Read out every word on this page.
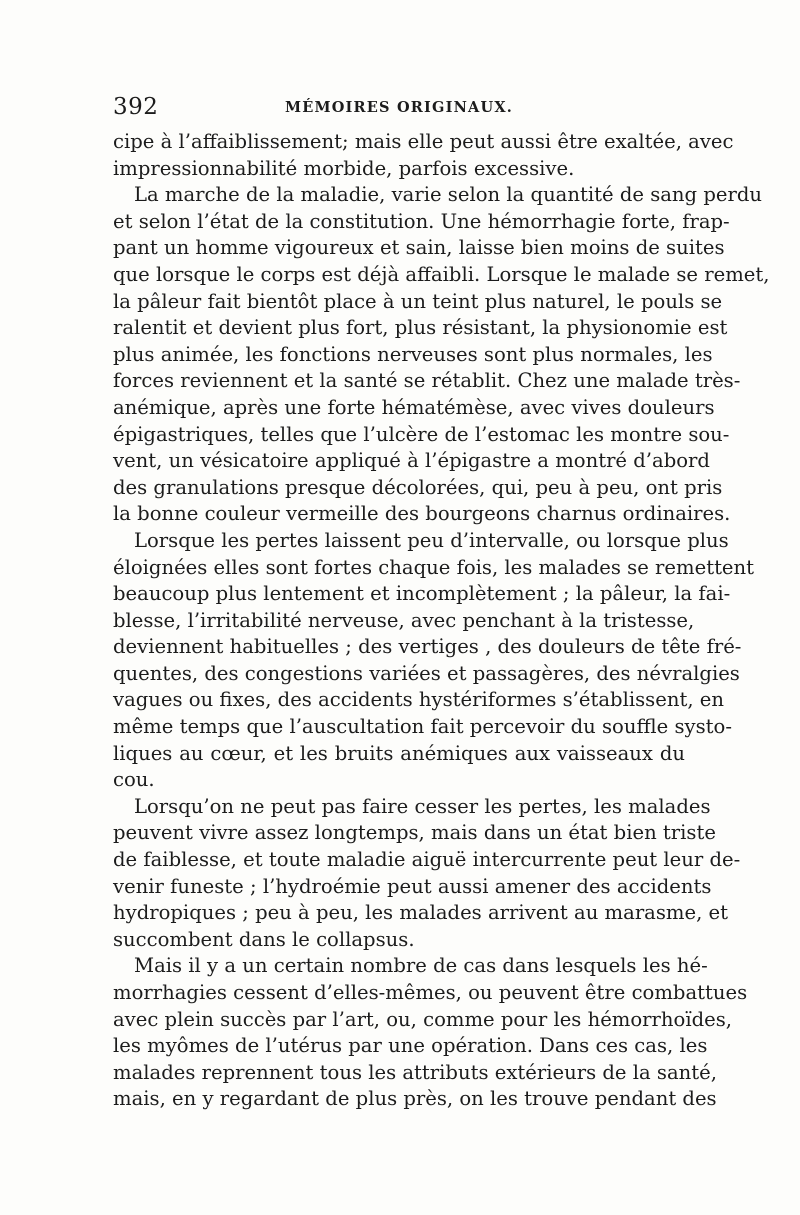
392	MÉMOIRES ORIGINAUX.
cipe à l’affaiblissement; mais elle peut aussi être exaltée, avec
impressionnabilité morbide, parfois excessive.
La marche de la maladie, varie selon la quantité de sang perdu
et selon l’état de la constitution. Une hémorrhagie forte, frap-
pant un homme vigoureux et sain, laisse bien moins de suites
que lorsque le corps est déjà affaibli. Lorsque le malade se remet,
la pâleur fait bientôt place à un teint plus naturel, le pouls se
ralentit et devient plus fort, plus résistant, la physionomie est
plus animée, les fonctions nerveuses sont plus normales, les
forces reviennent et la santé se rétablit. Chez une malade très-
anémique, après une forte hématémèse, avec vives douleurs
épigastriques, telles que l’ulcère de l’estomac les montre sou-
vent, un vésicatoire appliqué à l’épigastre a montré d’abord
des granulations presque décolorées, qui, peu à peu, ont pris
la bonne couleur vermeille des bourgeons charnus ordinaires.
Lorsque les pertes laissent peu d’intervalle, ou lorsque plus
éloignées elles sont fortes chaque fois, les malades se remettent
beaucoup plus lentement et incomplètement ; la pâleur, la fai-
blesse, l’irritabilité nerveuse, avec penchant à la tristesse,
deviennent habituelles ; des vertiges , des douleurs de tête fré-
quentes, des congestions variées et passagères, des névralgies
vagues ou fixes, des accidents hystériformes s’établissent, en
même temps que l’auscultation fait percevoir du souffle systo-
liques au cœur, et les bruits anémiques aux vaisseaux du
cou.
Lorsqu’on ne peut pas faire cesser les pertes, les malades
peuvent vivre assez longtemps, mais dans un état bien triste
de faiblesse, et toute maladie aiguë intercurrente peut leur de-
venir funeste ; l’hydroémie peut aussi amener des accidents
hydropiques ; peu à peu, les malades arrivent au marasme, et
succombent dans le collapsus.
Mais il y a un certain nombre de cas dans lesquels les hé-
morrhagies cessent d’elles-mêmes, ou peuvent être combattues
avec plein succès par l’art, ou, comme pour les hémorrhoïdes,
les myômes de l’utérus par une opération. Dans ces cas, les
malades reprennent tous les attributs extérieurs de la santé,
mais, en y regardant de plus près, on les trouve pendant des
